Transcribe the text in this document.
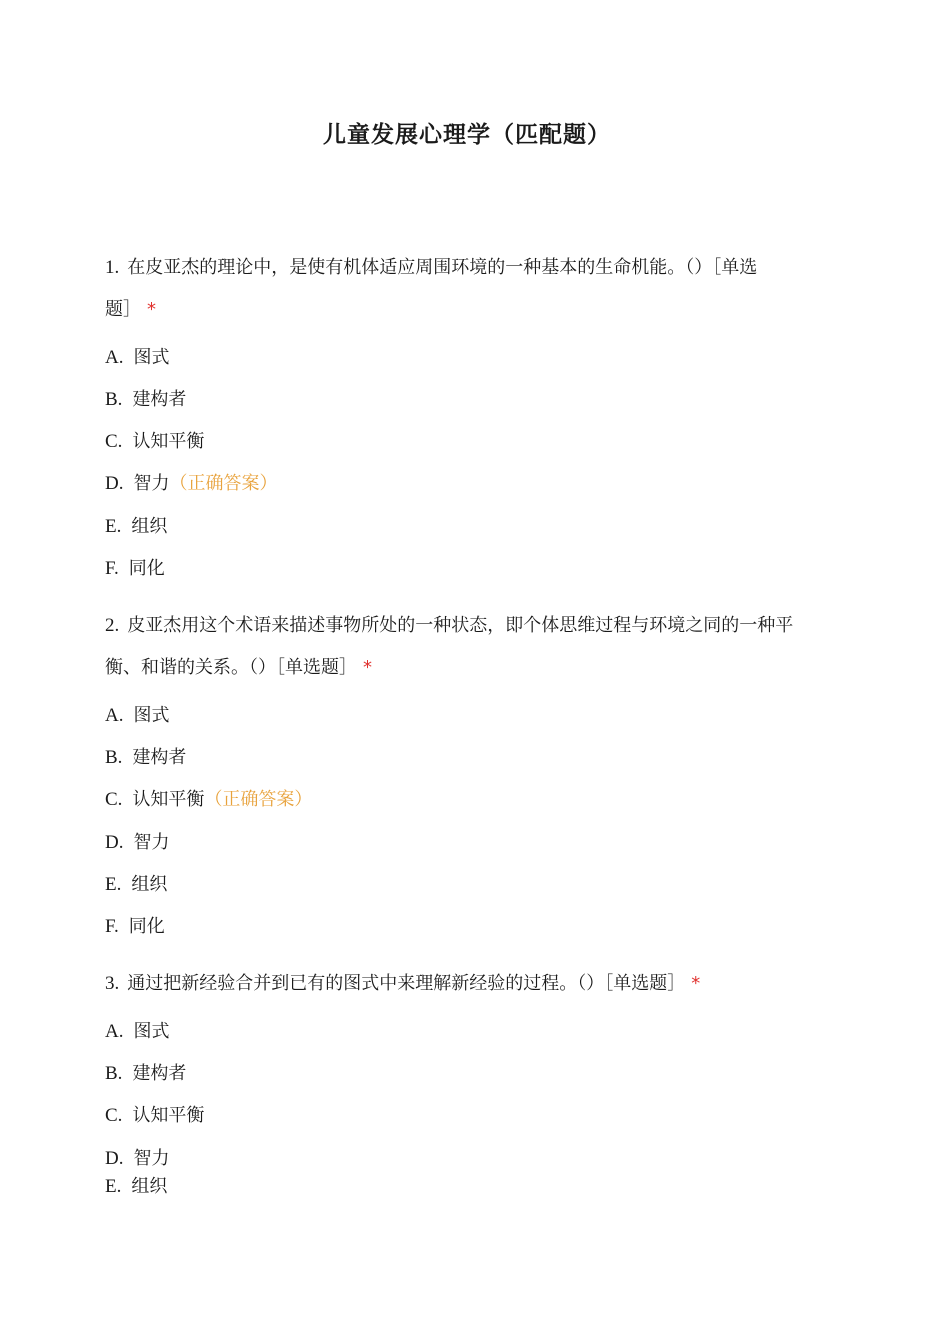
儿童发展心理学（匹配题）
1. 在皮亚杰的理论中，是使有机体适应周围环境的一种基本的生命机能。（）［单选
题］ *
A. 图式
B. 建构者
C. 认知平衡
D. 智力（正确答案）
E. 组织
F. 同化
2. 皮亚杰用这个术语来描述事物所处的一种状态，即个体思维过程与环境之同的一种平
衡、和谐的关系。（）［单选题］ *
A. 图式
B. 建构者
C. 认知平衡（正确答案）
D. 智力
E. 组织
F. 同化
3. 通过把新经验合并到已有的图式中来理解新经验的过程。（）［单选题］ *
A. 图式
B. 建构者
C. 认知平衡
D. 智力
E. 组织
